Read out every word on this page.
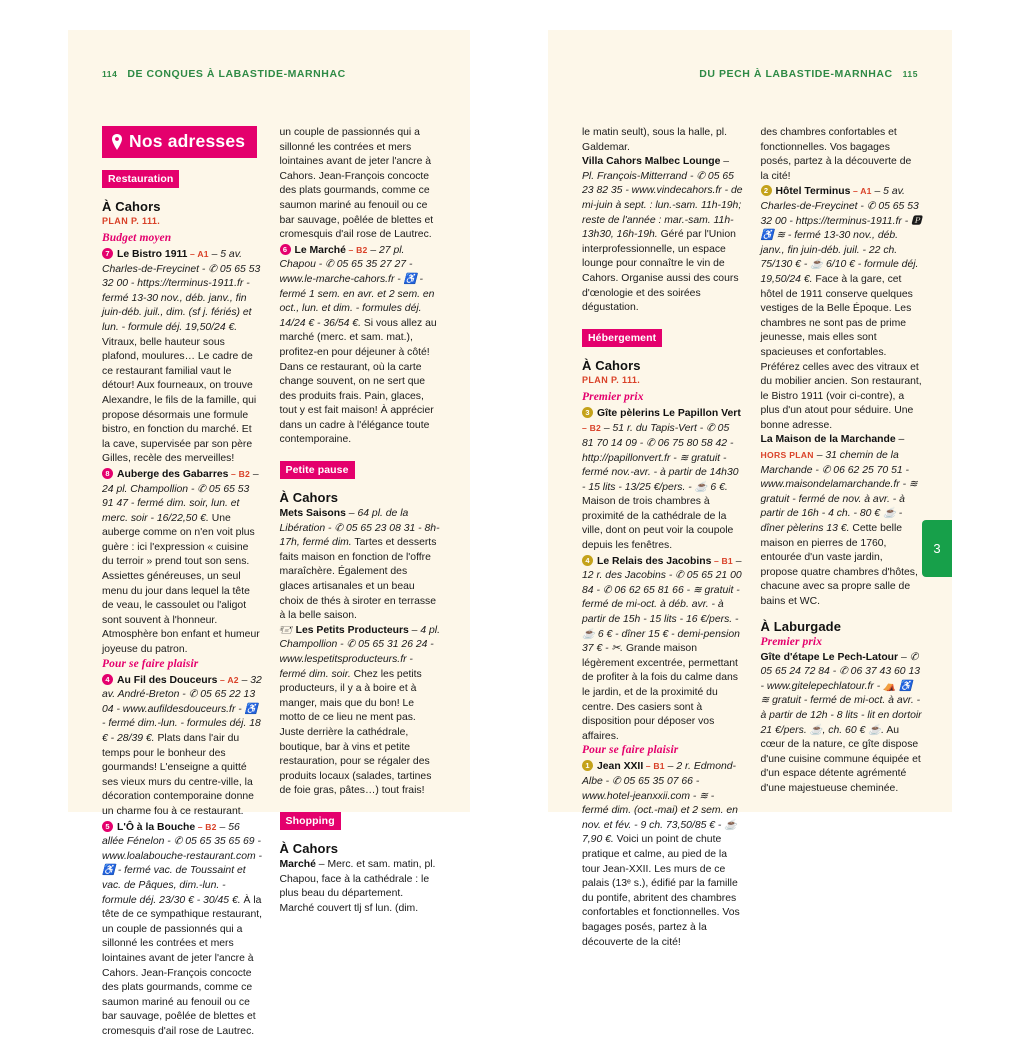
114 DE CONQUES À LABASTIDE-MARNHAC
Nos adresses
Restauration
À Cahors
PLAN P. 111.
Budget moyen

7 Le Bistro 1911 – A1 – 5 av. Charles-de-Freycinet - ✆ 05 65 53 32 00 - https://terminus-1911.fr - fermé 13-30 nov., déb. janv., fin juin-déb. juil., dim. (sf j. fériés) et lun. - formule déj. 19,50/24 €. Vitraux, belle hauteur sous plafond, moulures… Le cadre de ce restaurant familial vaut le détour! Aux fourneaux, on trouve Alexandre, le fils de la famille, qui propose désormais une formule bistro, en fonction du marché. Et la cave, supervisée par son père Gilles, recèle des merveilles!

8 Auberge des Gabarres – B2 – 24 pl. Champollion - ✆ 05 65 53 91 47 - fermé dim. soir, lun. et merc. soir - 16/22,50 €. Une auberge comme on n'en voit plus guère : ici l'expression « cuisine du terroir » prend tout son sens. Assiettes généreuses, un seul menu du jour dans lequel la tête de veau, le cassoulet ou l'aligot sont souvent à l'honneur. Atmosphère bon enfant et humeur joyeuse du patron.

Pour se faire plaisir

4 Au Fil des Douceurs – A2 – 32 av. André-Breton - ✆ 05 65 22 13 04 - www.aufildesdouceurs.fr - ♿ - fermé dim.-lun. - formules déj. 18 € - 28/39 €. Plats dans l'air du temps pour le bonheur des gourmands! L'enseigne a quitté ses vieux murs du centre-ville, la décoration contemporaine donne un charme fou à ce restaurant.

5 L'Ô à la Bouche – B2 – 56 allée Fénelon - ✆ 05 65 35 65 69 - www.loalabouche-restaurant.com - ♿ - fermé vac. de Toussaint et vac. de Pâques, dim.-lun. - formule déj. 23/30 € - 30/45 €. À la tête de ce sympathique restaurant, un couple de passionnés qui a sillonné les contrées et mers lointaines avant de jeter l'ancre à Cahors. Jean-François concocte des plats gourmands, comme ce saumon mariné au fenouil ou ce bar sauvage, poêlée de blettes et cromesquis d'ail rose de Lautrec.

un couple de passionnés qui a sillonné les contrées et mers lointaines avant de jeter l'ancre à Cahors. Jean-François concocte des plats gourmands, comme ce saumon mariné au fenouil ou ce bar sauvage, poêlée de blettes et cromesquis d'ail rose de Lautrec.

6 Le Marché – B2 – 27 pl. Chapou - ✆ 05 65 35 27 27 - www.le-marche-cahors.fr - ♿ - fermé 1 sem. en avr. et 2 sem. en oct., lun. et dim. - formules déj. 14/24 € - 36/54 €. Si vous allez au marché (merc. et sam. mat.), profitez-en pour déjeuner à côté! Dans ce restaurant, où la carte change souvent, on ne sert que des produits frais. Pain, glaces, tout y est fait maison! À apprécier dans un cadre à l'élégance toute contemporaine.

Petite pause
À Cahors

Mets Saisons – 64 pl. de la Libération - ✆ 05 65 23 08 31 - 8h-17h, fermé dim. Tartes et desserts faits maison en fonction de l'offre maraîchère. Également des glaces artisanales et un beau choix de thés à siroter en terrasse à la belle saison.

🖅 Les Petits Producteurs – 4 pl. Champollion - ✆ 05 65 31 26 24 - www.lespetitsproducteurs.fr - fermé dim. soir. Chez les petits producteurs, il y a à boire et à manger, mais que du bon! Le motto de ce lieu ne ment pas. Juste derrière la cathédrale, boutique, bar à vins et petite restauration, pour se régaler des produits locaux (salades, tartines de foie gras, pâtes…) tout frais!

Shopping
À Cahors

Marché – Merc. et sam. matin, pl. Chapou, face à la cathédrale : le plus beau du département. Marché couvert tlj sf lun. (dim.

DU PECH À LABASTIDE-MARNHAC 115
3

le matin seult), sous la halle, pl. Galdemar.

Villa Cahors Malbec Lounge – Pl. François-Mitterrand - ✆ 05 65 23 82 35 - www.vindecahors.fr - de mi-juin à sept. : lun.-sam. 11h-19h; reste de l'année : mar.-sam. 11h-13h30, 16h-19h. Géré par l'Union interprofessionnelle, un espace lounge pour connaître le vin de Cahors. Organise aussi des cours d'œnologie et des soirées dégustation.

Hébergement
À Cahors
PLAN P. 111.
Premier prix

3 Gîte pèlerins Le Papillon Vert – B2 – 51 r. du Tapis-Vert - ✆ 05 81 70 14 09 - ✆ 06 75 80 58 42 - http://papillonvert.fr - ≋ gratuit - fermé nov.-avr. - à partir de 14h30 - 15 lits - 13/25 €/pers. - ☕ 6 €. Maison de trois chambres à proximité de la cathédrale de la ville, dont on peut voir la coupole depuis les fenêtres.

4 Le Relais des Jacobins – B1 – 12 r. des Jacobins - ✆ 05 65 21 00 84 - ✆ 06 62 65 81 66 - ≋ gratuit - fermé de mi-oct. à déb. avr. - à partir de 15h - 15 lits - 16 €/pers. - ☕ 6 € - dîner 15 € - demi-pension 37 € - ✂. Grande maison légèrement excentrée, permettant de profiter à la fois du calme dans le jardin, et de la proximité du centre. Des casiers sont à disposition pour déposer vos affaires.

Pour se faire plaisir

1 Jean XXII – B1 – 2 r. Edmond-Albe - ✆ 05 65 35 07 66 - www.hotel-jeanxxii.com - ≋ - fermé dim. (oct.-mai) et 2 sem. en nov. et fév. - 9 ch. 73,50/85 € - ☕ 7,90 €. Voici un point de chute pratique et calme, au pied de la tour Jean-XXII. Les murs de ce palais (13ᵉ s.), édifié par la famille du pontife, abritent des chambres confortables et fonctionnelles. Vos bagages posés, partez à la découverte de la cité!

des chambres confortables et fonctionnelles. Vos bagages posés, partez à la découverte de la cité!

2 Hôtel Terminus – A1 – 5 av. Charles-de-Freycinet - ✆ 05 65 53 32 00 - https://terminus-1911.fr - 🅿 ♿ ≋ - fermé 13-30 nov., déb. janv., fin juin-déb. juil. - 22 ch. 75/130 € - ☕ 6/10 € - formule déj. 19,50/24 €. Face à la gare, cet hôtel de 1911 conserve quelques vestiges de la Belle Époque. Les chambres ne sont pas de prime jeunesse, mais elles sont spacieuses et confortables. Préférez celles avec des vitraux et du mobilier ancien. Son restaurant, le Bistro 1911 (voir ci-contre), a plus d'un atout pour séduire. Une bonne adresse.

La Maison de la Marchande – HORS PLAN – 31 chemin de la Marchande - ✆ 06 62 25 70 51 - www.maisondelamarchande.fr - ≋ gratuit - fermé de nov. à avr. - à partir de 16h - 4 ch. - 80 € ☕ - dîner pèlerins 13 €. Cette belle maison en pierres de 1760, entourée d'un vaste jardin, propose quatre chambres d'hôtes, chacune avec sa propre salle de bains et WC.

À Laburgade
Premier prix

Gîte d'étape Le Pech-Latour – ✆ 05 65 24 72 84 - ✆ 06 37 43 60 13 - www.gitelepechlatour.fr - ⛺ ♿ ≋ gratuit - fermé de mi-oct. à avr. - à partir de 12h - 8 lits - lit en dortoir 21 €/pers. ☕, ch. 60 € ☕. Au cœur de la nature, ce gîte dispose d'une cuisine commune équipée et d'un espace détente agrémenté d'une majestueuse cheminée.
